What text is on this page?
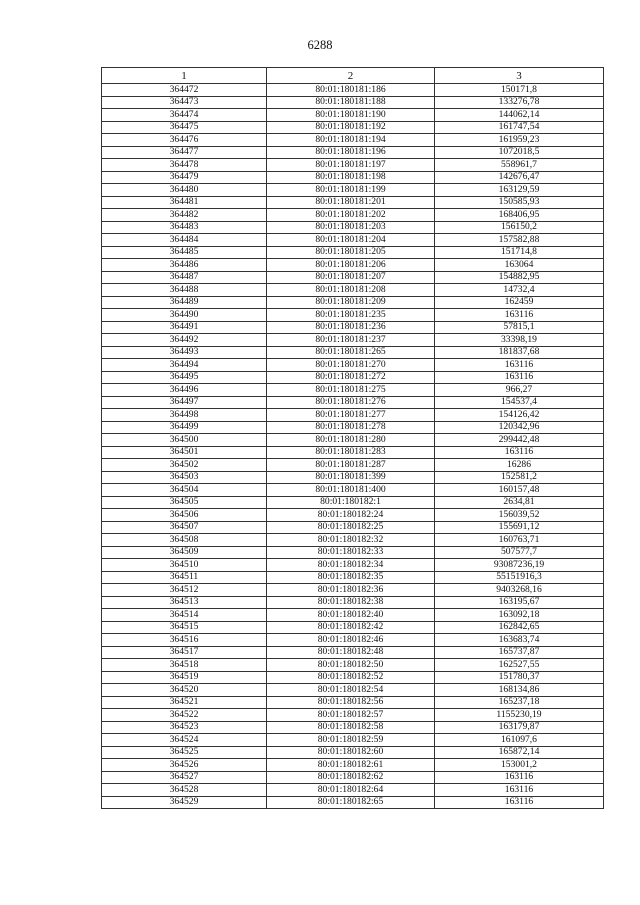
6288
1	2	3
364472	80:01:180181:186	150171,8
364473	80:01:180181:188	133276,78
364474	80:01:180181:190	144062,14
364475	80:01:180181:192	161747,54
364476	80:01:180181:194	161959,23
364477	80:01:180181:196	1072018,5
364478	80:01:180181:197	558961,7
364479	80:01:180181:198	142676,47
364480	80:01:180181:199	163129,59
364481	80:01:180181:201	150585,93
364482	80:01:180181:202	168406,95
364483	80:01:180181:203	156150,2
364484	80:01:180181:204	157582,88
364485	80:01:180181:205	151714,8
364486	80:01:180181:206	163064
364487	80:01:180181:207	154882,95
364488	80:01:180181:208	14732,4
364489	80:01:180181:209	162459
364490	80:01:180181:235	163116
364491	80:01:180181:236	57815,1
364492	80:01:180181:237	33398,19
364493	80:01:180181:265	181837,68
364494	80:01:180181:270	163116
364495	80:01:180181:272	163116
364496	80:01:180181:275	966,27
364497	80:01:180181:276	154537,4
364498	80:01:180181:277	154126,42
364499	80:01:180181:278	120342,96
364500	80:01:180181:280	299442,48
364501	80:01:180181:283	163116
364502	80:01:180181:287	16286
364503	80:01:180181:399	152581,2
364504	80:01:180181:400	160157,48
364505	80:01:180182:1	2634,81
364506	80:01:180182:24	156039,52
364507	80:01:180182:25	155691,12
364508	80:01:180182:32	160763,71
364509	80:01:180182:33	507577,7
364510	80:01:180182:34	93087236,19
364511	80:01:180182:35	55151916,3
364512	80:01:180182:36	9403268,16
364513	80:01:180182:38	163195,67
364514	80:01:180182:40	163092,18
364515	80:01:180182:42	162842,65
364516	80:01:180182:46	163683,74
364517	80:01:180182:48	165737,87
364518	80:01:180182:50	162527,55
364519	80:01:180182:52	151780,37
364520	80:01:180182:54	168134,86
364521	80:01:180182:56	165237,18
364522	80:01:180182:57	1155230,19
364523	80:01:180182:58	163179,87
364524	80:01:180182:59	161097,6
364525	80:01:180182:60	165872,14
364526	80:01:180182:61	153001,2
364527	80:01:180182:62	163116
364528	80:01:180182:64	163116
364529	80:01:180182:65	163116
